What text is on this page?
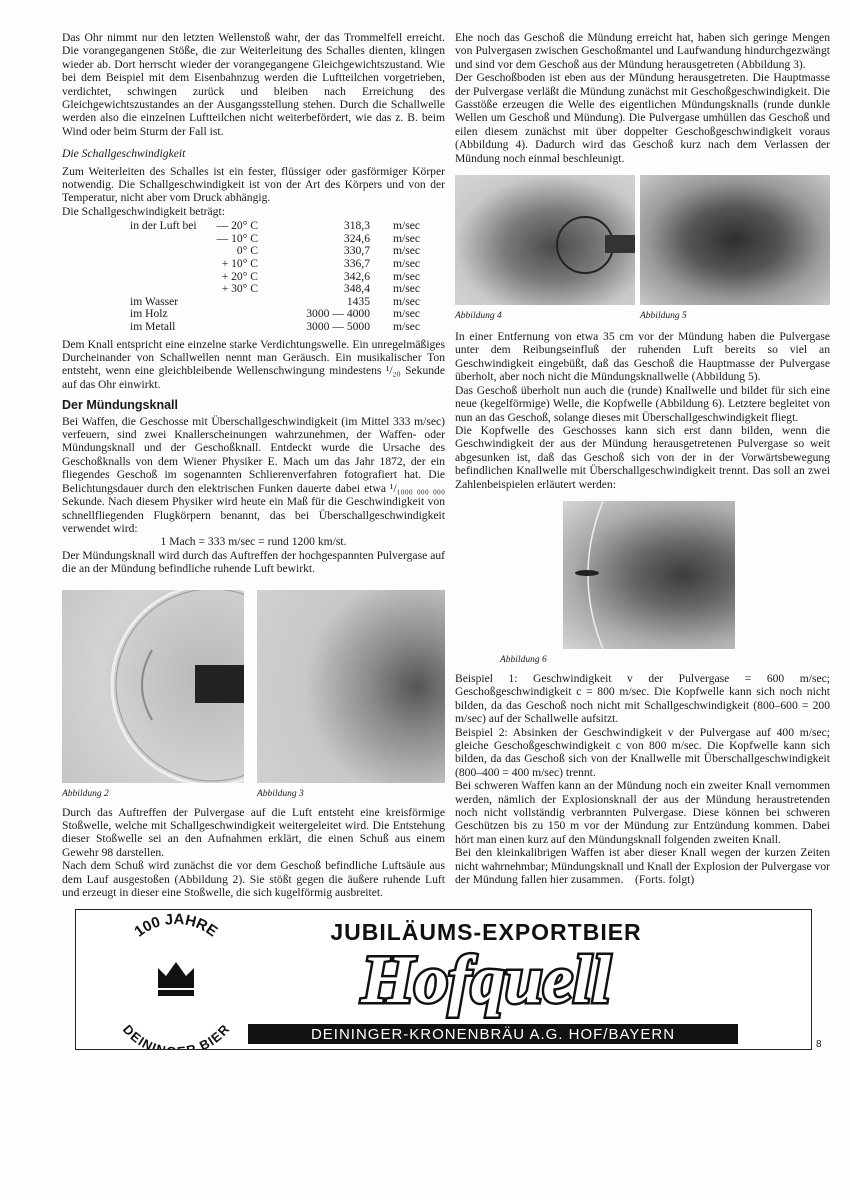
Das Ohr nimmt nur den letzten Wellenstoß wahr, der das Trommelfell erreicht. Die vorangegangenen Stöße, die zur Weiterleitung des Schalles dienten, klingen wieder ab. Dort herrscht wieder der vorangegangene Gleichgewichtszustand. Wie bei dem Beispiel mit dem Eisenbahnzug werden die Luftteilchen vorgetrieben, verdichtet, schwingen zurück und bleiben nach Erreichung des Gleichgewichtszustandes an der Ausgangsstellung stehen. Durch die Schallwelle werden also die einzelnen Luftteilchen nicht weiterbefördert, wie das z. B. beim Wind oder beim Sturm der Fall ist.

Die Schallgeschwindigkeit

Zum Weiterleiten des Schalles ist ein fester, flüssiger oder gasförmiger Körper notwendig. Die Schallgeschwindigkeit ist von der Art des Körpers und von der Temperatur, nicht aber vom Druck abhängig.

Die Schallgeschwindigkeit beträgt:

in der Luft bei	— 20° C	318,3	m/sec
— 10° C	324,6	m/sec
0° C	330,7	m/sec
+ 10° C	336,7	m/sec
+ 20° C	342,6	m/sec
+ 30° C	348,4	m/sec
im Wasser	1435	m/sec
im Holz	3000 — 4000	m/sec
im Metall	3000 — 5000	m/sec

Dem Knall entspricht eine einzelne starke Verdichtungswelle. Ein unregelmäßiges Durcheinander von Schallwellen nennt man Geräusch. Ein musikalischer Ton entsteht, wenn eine gleichbleibende Wellenschwingung mindestens ¹/₂₀ Sekunde auf das Ohr einwirkt.

Der Mündungsknall

Bei Waffen, die Geschosse mit Überschallgeschwindigkeit (im Mittel 333 m/sec) verfeuern, sind zwei Knallerscheinungen wahrzunehmen, der Waffen- oder Mündungsknall und der Geschoßknall. Entdeckt wurde die Ursache des Geschoßknalls von dem Wiener Physiker E. Mach um das Jahr 1872, der ein fliegendes Geschoß im sogenannten Schlierenverfahren fotografiert hat. Die Belichtungsdauer durch den elektrischen Funken dauerte dabei etwa ¹/₁₀₀₀ ₀₀₀ ₀₀₀ Sekunde. Nach diesem Physiker wird heute ein Maß für die Geschwindigkeit von schnellfliegenden Flugkörpern benannt, das bei Überschallgeschwindigkeit verwendet wird:

1 Mach = 333 m/sec = rund 1200 km/st.

Der Mündungsknall wird durch das Auftreffen der hochgespannten Pulvergase auf die an der Mündung befindliche ruhende Luft bewirkt.

Abbildung 2	Abbildung 3

Durch das Auftreffen der Pulvergase auf die Luft entsteht eine kreisförmige Stoßwelle, welche mit Schallgeschwindigkeit weitergeleitet wird. Die Entstehung dieser Stoßwelle sei an den Aufnahmen erklärt, die einen Schuß aus einem Gewehr 98 darstellen.

Nach dem Schuß wird zunächst die vor dem Geschoß befindliche Luftsäule aus dem Lauf ausgestoßen (Abbildung 2). Sie stößt gegen die äußere ruhende Luft und erzeugt in dieser eine Stoßwelle, die sich kugelförmig ausbreitet.

Ehe noch das Geschoß die Mündung erreicht hat, haben sich geringe Mengen von Pulvergasen zwischen Geschoßmantel und Laufwandung hindurchgezwängt und sind vor dem Geschoß aus der Mündung herausgetreten (Abbildung 3).

Der Geschoßboden ist eben aus der Mündung herausgetreten. Die Hauptmasse der Pulvergase verläßt die Mündung zunächst mit Geschoßgeschwindigkeit. Die Gasstöße erzeugen die Welle des eigentlichen Mündungsknalls (runde dunkle Wellen um Geschoß und Mündung). Die Pulvergase umhüllen das Geschoß und eilen diesem zunächst mit über doppelter Geschoßgeschwindigkeit voraus (Abbildung 4). Dadurch wird das Geschoß kurz nach dem Verlassen der Mündung noch einmal beschleunigt.

Abbildung 4	Abbildung 5

In einer Entfernung von etwa 35 cm vor der Mündung haben die Pulvergase unter dem Reibungseinfluß der ruhenden Luft bereits so viel an Geschwindigkeit eingebüßt, daß das Geschoß die Hauptmasse der Pulvergase überholt, aber noch nicht die Mündungsknallwelle (Abbildung 5).

Das Geschoß überholt nun auch die (runde) Knallwelle und bildet für sich eine neue (kegelförmige) Welle, die Kopfwelle (Abbildung 6). Letztere begleitet von nun an das Geschoß, solange dieses mit Überschallgeschwindigkeit fliegt.

Die Kopfwelle des Geschosses kann sich erst dann bilden, wenn die Geschwindigkeit der aus der Mündung herausgetretenen Pulvergase so weit abgesunken ist, daß das Geschoß sich von der in der Vorwärtsbewegung befindlichen Knallwelle mit Überschallgeschwindigkeit trennt. Das soll an zwei Zahlenbeispielen erläutert werden:

Abbildung 6

Beispiel 1: Geschwindigkeit v der Pulvergase = 600 m/sec; Geschoßgeschwindigkeit c = 800 m/sec. Die Kopfwelle kann sich noch nicht bilden, da das Geschoß noch nicht mit Schallgeschwindigkeit (800–600 = 200 m/sec) auf der Schallwelle aufsitzt.

Beispiel 2: Absinken der Geschwindigkeit v der Pulvergase auf 400 m/sec; gleiche Geschoßgeschwindigkeit c von 800 m/sec. Die Kopfwelle kann sich bilden, da das Geschoß sich von der Knallwelle mit Überschallgeschwindigkeit (800–400 = 400 m/sec) trennt.

Bei schweren Waffen kann an der Mündung noch ein zweiter Knall vernommen werden, nämlich der Explosionsknall der aus der Mündung heraustretenden noch nicht vollständig verbrannten Pulvergase. Diese können bei schweren Geschützen bis zu 150 m vor der Mündung zur Entzündung kommen. Dabei hört man einen kurz auf den Mündungsknall folgenden zweiten Knall.

Bei den kleinkalibrigen Waffen ist aber dieser Knall wegen der kurzen Zeiten nicht wahrnehmbar; Mündungsknall und Knall der Explosion der Pulvergase vor der Mündung fallen hier zusammen. (Forts. folgt)

100 JAHRE
DEINI BIER
JUBILÄUMS-EXPORTBIER
Hofquell
DEININGER-KRONENBRÄU A.G. HOF/BAYERN
8
